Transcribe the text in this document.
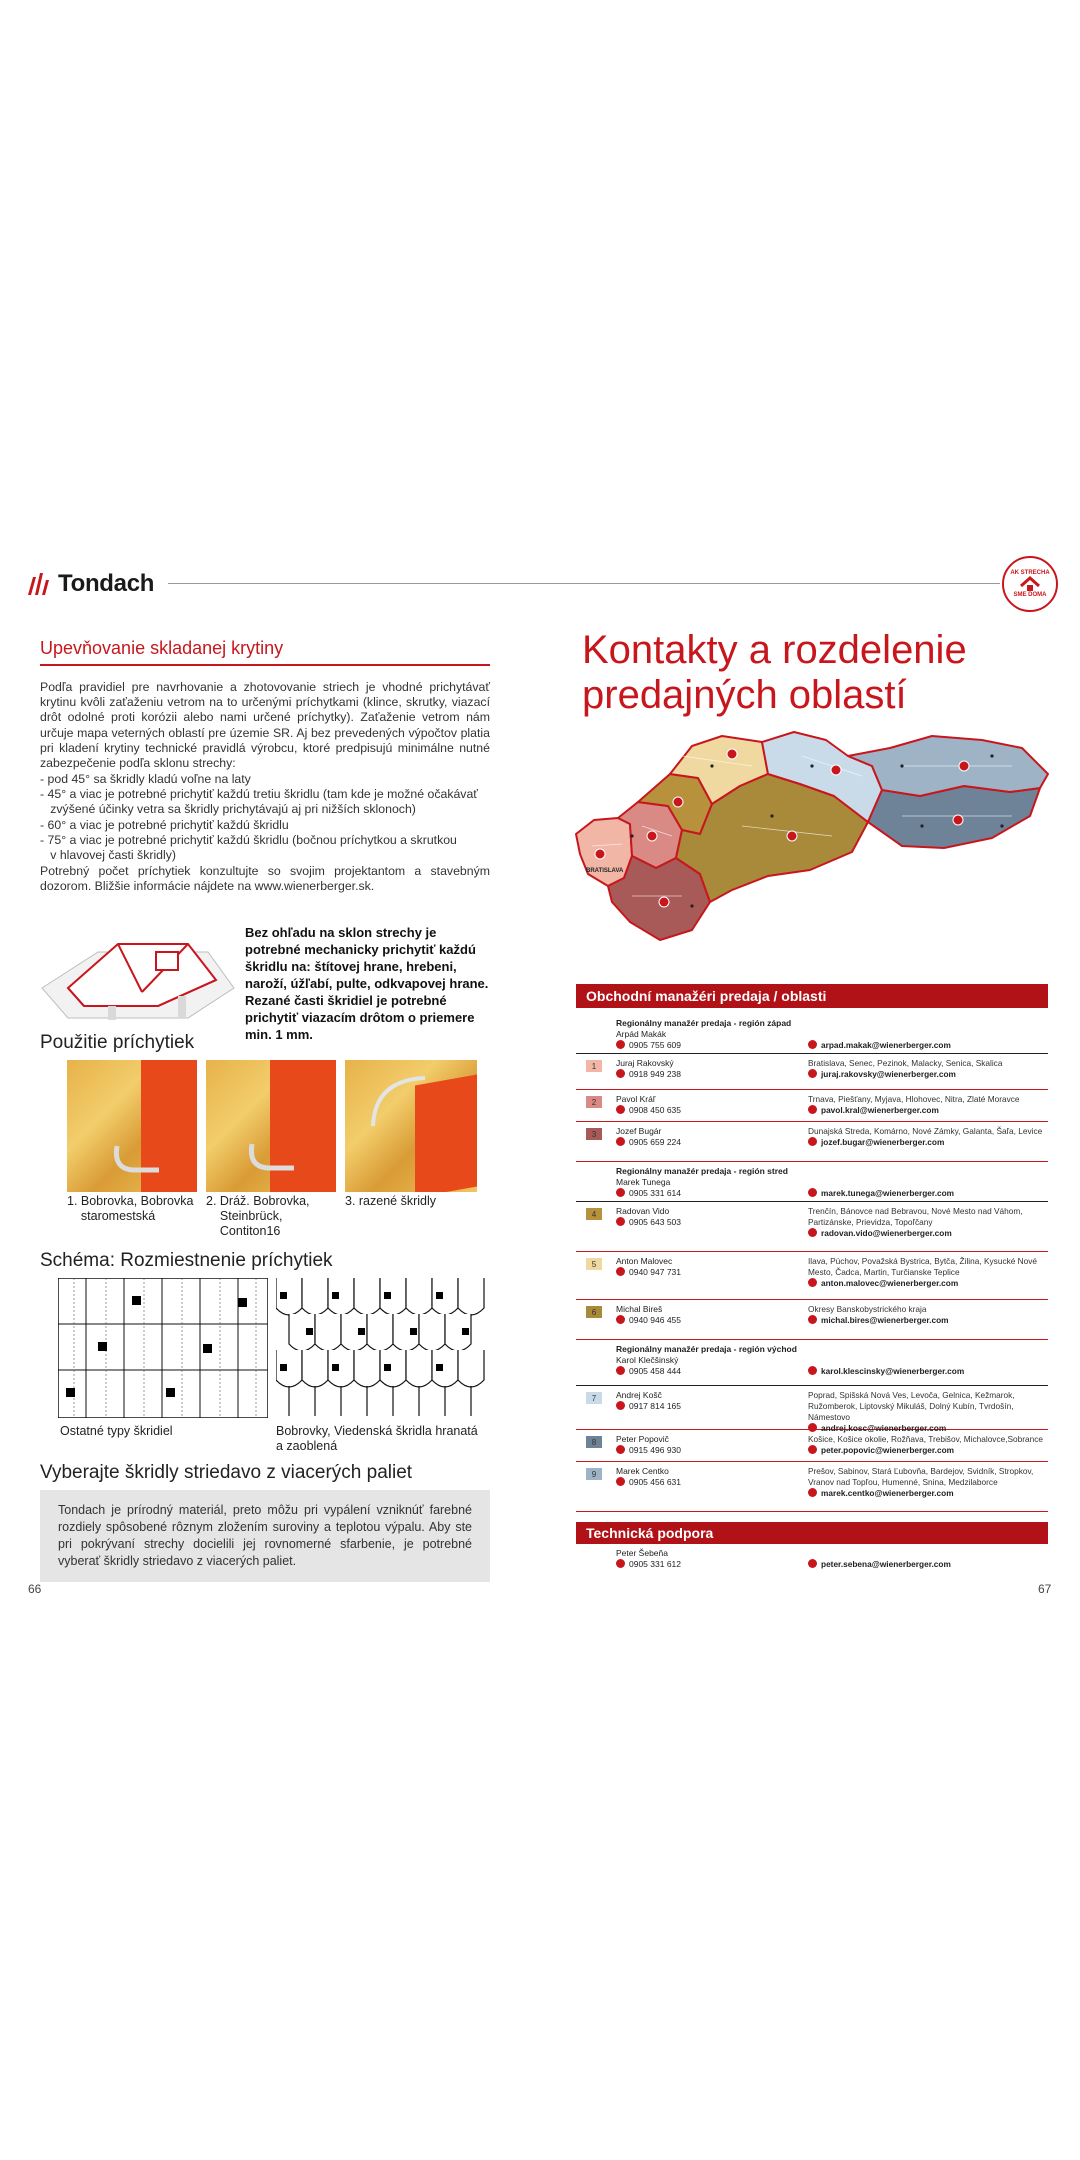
Tondach	AK STRECHA
SME DOMA
Upevňovanie skladanej krytiny
Podľa pravidiel pre navrhovanie a zhotovovanie striech je vhodné prichytávať krytinu kvôli zaťaženiu vetrom na to určenými príchytkami (klince, skrutky, viazací drôt odolné proti korózii alebo nami určené príchytky). Zaťaženie vetrom nám určuje mapa veterných oblastí pre územie SR. Aj bez prevedených výpočtov platia pri kladení krytiny technické pravidlá výrobcu, ktoré predpisujú minimálne nutné zabezpečenie podľa sklonu strechy:
- pod 45° sa škridly kladú voľne na laty
- 45° a viac je potrebné prichytiť každú tretiu škridlu (tam kde je možné očakávať
zvýšené účinky vetra sa škridly prichytávajú aj pri nižších sklonoch)
- 60° a viac je potrebné prichytiť každú škridlu
- 75° a viac je potrebné prichytiť každú škridlu (bočnou príchytkou a skrutkou
v hlavovej časti škridly)
Potrebný počet príchytiek konzultujte so svojim projektantom a stavebným dozorom. Bližšie informácie nájdete na www.wienerberger.sk.
Bez ohľadu na sklon strechy je potrebné mechanicky prichytiť každú škridlu na: štítovej hrane, hrebeni, naroží, úžľabí, pulte, odkvapovej hrane. Rezané časti škridiel je potrebné prichytiť viazacím drôtom o priemere min. 1 mm.
Použitie príchytiek
1. Bobrovka, Bobrovka
staromestská
2. Dráž. Bobrovka,
Steinbrück,
Contiton16
3. razené škridly
Schéma: Rozmiestnenie príchytiek
Ostatné typy škridiel	Bobrovky, Viedenská škridla hranatá
a zaoblená
Vyberajte škridly striedavo z viacerých paliet
Tondach je prírodný materiál, preto môžu pri vypálení vzniknúť farebné rozdiely spôsobené rôznym zložením suroviny a teplotou výpalu. Aby ste pri pokrývaní strechy docielili jej rovnomerné sfarbenie, je potrebné vyberať škridly striedavo z viacerých paliet.
66
Kontakty a rozdelenie
predajných oblastí
BRATISLAVA
Obchodní manažéri predaja / oblasti
Regionálny manažér predaja - región západ
Arpád Makák
0905 755 609	arpad.makak@wienerberger.com
1	Juraj Rakovský
0918 949 238
Bratislava, Senec, Pezinok, Malacky, Senica, Skalica
juraj.rakovsky@wienerberger.com
2	Pavol Kráľ
0908 450 635
Trnava, Piešťany, Myjava, Hlohovec, Nitra, Zlaté Moravce
pavol.kral@wienerberger.com
3	Jozef Bugár
0905 659 224
Dunajská Streda, Komárno, Nové Zámky, Galanta, Šaľa, Levice
jozef.bugar@wienerberger.com
Regionálny manažér predaja - región stred
Marek Tunega
0905 331 614	marek.tunega@wienerberger.com
4	Radovan Vido
0905 643 503
Trenčín, Bánovce nad Bebravou, Nové Mesto nad Váhom, Partizánske, Prievidza, Topoľčany
radovan.vido@wienerberger.com
5	Anton Malovec
0940 947 731
Ilava, Púchov, Považská Bystrica, Bytča, Žilina, Kysucké Nové Mesto, Čadca, Martin, Turčianske Teplice
anton.malovec@wienerberger.com
6	Michal Bireš
0940 946 455
Okresy Banskobystrického kraja
michal.bires@wienerberger.com
Regionálny manažér predaja - región východ
Karol Klečšinský
0905 458 444	karol.klescinsky@wienerberger.com
7	Andrej Košč
0917 814 165
Poprad, Spišská Nová Ves, Levoča, Gelnica, Kežmarok, Ružomberok, Liptovský Mikuláš, Dolný Kubín, Tvrdošín, Námestovo
andrej.kosc@wienerberger.com
8	Peter Popovič
0915 496 930
Košice, Košice okolie, Rožňava, Trebišov, Michalovce,Sobrance
peter.popovic@wienerberger.com
9	Marek Centko
0905 456 631
Prešov, Sabinov, Stará Ľubovňa, Bardejov, Svidník, Stropkov, Vranov nad Topľou, Humenné, Snina, Medzilaborce
marek.centko@wienerberger.com
Technická podpora
Peter Šebeňa
0905 331 612	peter.sebena@wienerberger.com
67
